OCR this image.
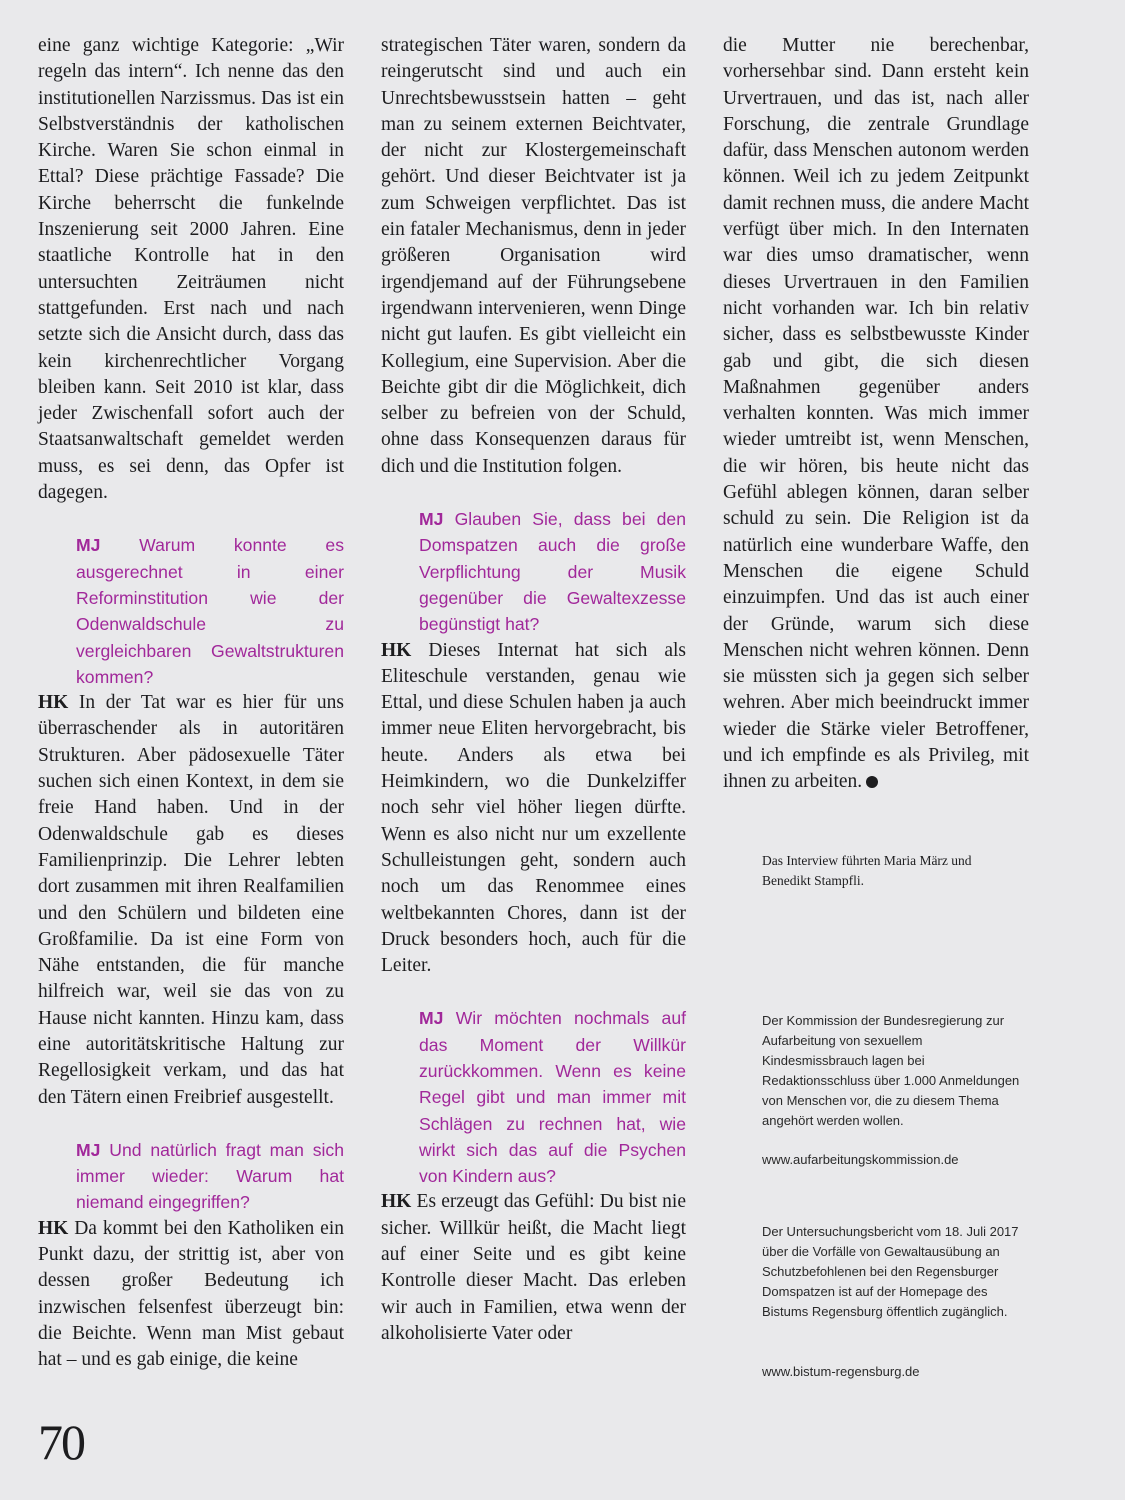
eine ganz wichtige Kategorie: „Wir regeln das intern“. Ich nenne das den institutionellen Narzissmus. Das ist ein Selbstverständnis der katholischen Kirche. Waren Sie schon einmal in Ettal? Diese prächtige Fassade? Die Kirche beherrscht die funkelnde Inszenierung seit 2000 Jahren. Eine staatliche Kontrolle hat in den untersuchten Zeiträumen nicht stattgefunden. Erst nach und nach setzte sich die Ansicht durch, dass das kein kirchenrechtlicher Vorgang bleiben kann. Seit 2010 ist klar, dass jeder Zwischenfall sofort auch der Staatsanwaltschaft gemeldet werden muss, es sei denn, das Opfer ist dagegen.

MJ Warum konnte es ausgerechnet in einer Reforminstitution wie der Odenwaldschule zu vergleichbaren Gewaltstrukturen kommen?

HK In der Tat war es hier für uns überraschender als in autoritären Strukturen. Aber pädosexuelle Täter suchen sich einen Kontext, in dem sie freie Hand haben. Und in der Odenwaldschule gab es dieses Familienprinzip. Die Lehrer lebten dort zusammen mit ihren Realfamilien und den Schülern und bildeten eine Großfamilie. Da ist eine Form von Nähe entstanden, die für manche hilfreich war, weil sie das von zu Hause nicht kannten. Hinzu kam, dass eine autoritätskritische Haltung zur Regellosigkeit verkam, und das hat den Tätern einen Freibrief ausgestellt.

MJ Und natürlich fragt man sich immer wieder: Warum hat niemand eingegriffen?

HK Da kommt bei den Katholiken ein Punkt dazu, der strittig ist, aber von dessen großer Bedeutung ich inzwischen felsenfest überzeugt bin: die Beichte. Wenn man Mist gebaut hat – und es gab einige, die keine

strategischen Täter waren, sondern da reingerutscht sind und auch ein Unrechtsbewusstsein hatten – geht man zu seinem externen Beichtvater, der nicht zur Klostergemeinschaft gehört. Und dieser Beichtvater ist ja zum Schweigen verpflichtet. Das ist ein fataler Mechanismus, denn in jeder größeren Organisation wird irgendjemand auf der Führungsebene irgendwann intervenieren, wenn Dinge nicht gut laufen. Es gibt vielleicht ein Kollegium, eine Supervision. Aber die Beichte gibt dir die Möglichkeit, dich selber zu befreien von der Schuld, ohne dass Konsequenzen daraus für dich und die Institution folgen.

MJ Glauben Sie, dass bei den Domspatzen auch die große Verpflichtung der Musik gegenüber die Gewaltexzesse begünstigt hat?

HK Dieses Internat hat sich als Eliteschule verstanden, genau wie Ettal, und diese Schulen haben ja auch immer neue Eliten hervorgebracht, bis heute. Anders als etwa bei Heimkindern, wo die Dunkelziffer noch sehr viel höher liegen dürfte. Wenn es also nicht nur um exzellente Schulleistungen geht, sondern auch noch um das Renommee eines weltbekannten Chores, dann ist der Druck besonders hoch, auch für die Leiter.

MJ Wir möchten nochmals auf das Moment der Willkür zurückkommen. Wenn es keine Regel gibt und man immer mit Schlägen zu rechnen hat, wie wirkt sich das auf die Psychen von Kindern aus?

HK Es erzeugt das Gefühl: Du bist nie sicher. Willkür heißt, die Macht liegt auf einer Seite und es gibt keine Kontrolle dieser Macht. Das erleben wir auch in Familien, etwa wenn der alkoholisierte Vater oder

die Mutter nie berechenbar, vorhersehbar sind. Dann ersteht kein Urvertrauen, und das ist, nach aller Forschung, die zentrale Grundlage dafür, dass Menschen autonom werden können. Weil ich zu jedem Zeitpunkt damit rechnen muss, die andere Macht verfügt über mich. In den Internaten war dies umso dramatischer, wenn dieses Urvertrauen in den Familien nicht vorhanden war. Ich bin relativ sicher, dass es selbstbewusste Kinder gab und gibt, die sich diesen Maßnahmen gegenüber anders verhalten konnten. Was mich immer wieder umtreibt ist, wenn Menschen, die wir hören, bis heute nicht das Gefühl ablegen können, daran selber schuld zu sein. Die Religion ist da natürlich eine wunderbare Waffe, den Menschen die eigene Schuld einzuimpfen. Und das ist auch einer der Gründe, warum sich diese Menschen nicht wehren können. Denn sie müssten sich ja gegen sich selber wehren. Aber mich beeindruckt immer wieder die Stärke vieler Betroffener, und ich empfinde es als Privileg, mit ihnen zu arbeiten.

Das Interview führten Maria März und Benedikt Stampfli.

Der Kommission der Bundesregierung zur Aufarbeitung von sexuellem Kindesmissbrauch lagen bei Redaktionsschluss über 1.000 Anmeldungen von Menschen vor, die zu diesem Thema angehört werden wollen.

www.aufarbeitungskommission.de

Der Untersuchungsbericht vom 18. Juli 2017 über die Vorfälle von Gewaltausübung an Schutzbefohlenen bei den Regensburger Domspatzen ist auf der Homepage des Bistums Regensburg öffentlich zugänglich.

www.bistum-regensburg.de

70
